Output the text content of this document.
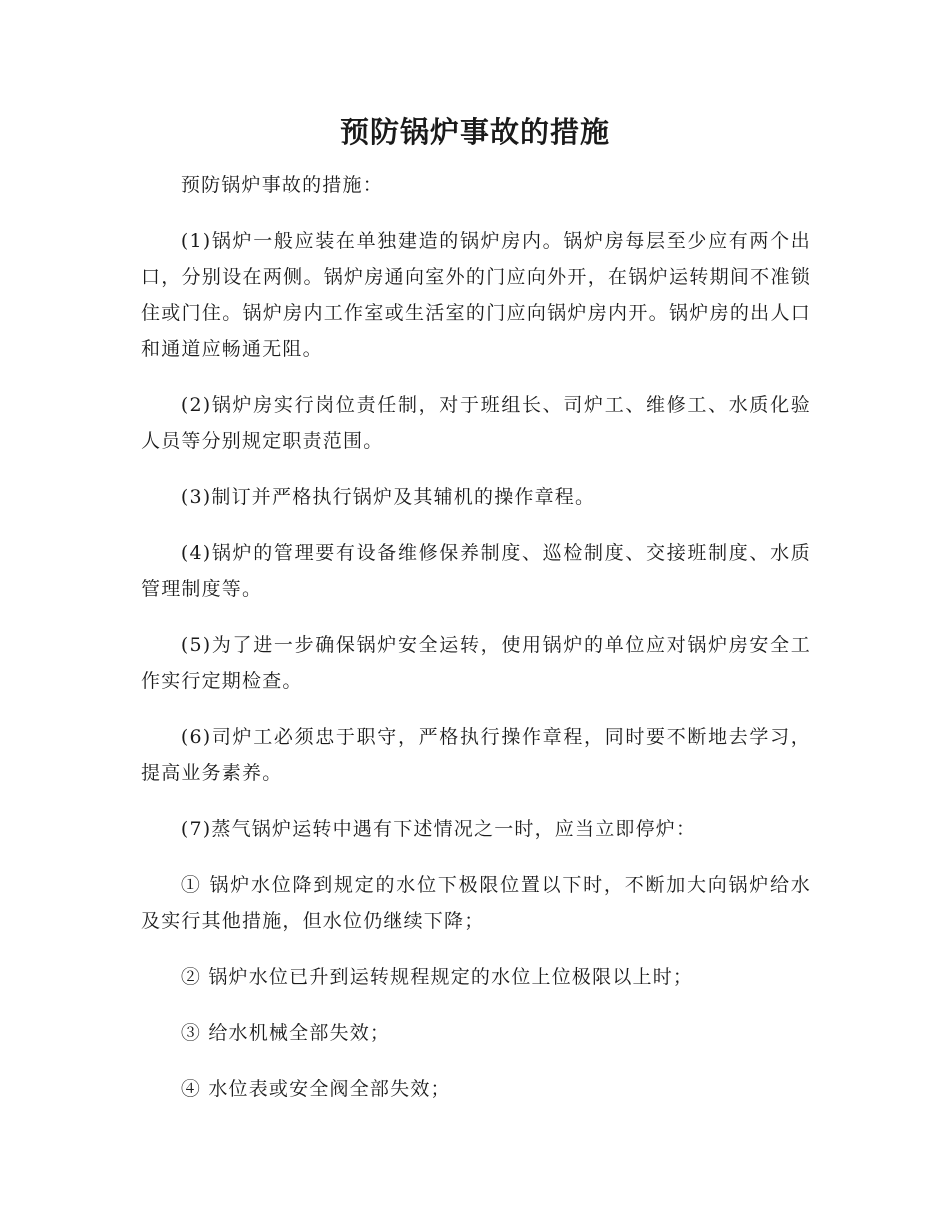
预防锅炉事故的措施

预防锅炉事故的措施：

(1)锅炉一般应装在单独建造的锅炉房内。锅炉房每层至少应有两个出口，分别设在两侧。锅炉房通向室外的门应向外开，在锅炉运转期间不准锁住或门住。锅炉房内工作室或生活室的门应向锅炉房内开。锅炉房的出人口和通道应畅通无阻。

(2)锅炉房实行岗位责任制，对于班组长、司炉工、维修工、水质化验人员等分别规定职责范围。

(3)制订并严格执行锅炉及其辅机的操作章程。

(4)锅炉的管理要有设备维修保养制度、巡检制度、交接班制度、水质管理制度等。

(5)为了进一步确保锅炉安全运转，使用锅炉的单位应对锅炉房安全工作实行定期检查。

(6)司炉工必须忠于职守，严格执行操作章程，同时要不断地去学习，提高业务素养。

(7)蒸气锅炉运转中遇有下述情况之一时，应当立即停炉：

① 锅炉水位降到规定的水位下极限位置以下时，不断加大向锅炉给水及实行其他措施，但水位仍继续下降；

② 锅炉水位已升到运转规程规定的水位上位极限以上时；

③ 给水机械全部失效；

④ 水位表或安全阀全部失效；
